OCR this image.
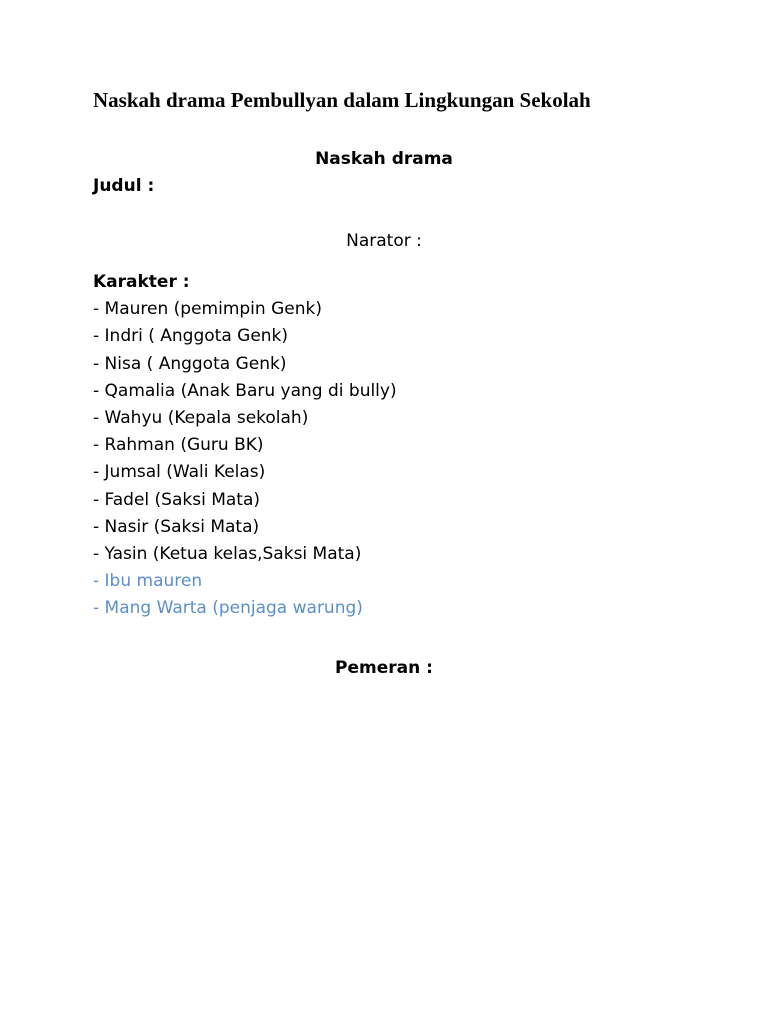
Naskah drama Pembullyan dalam Lingkungan Sekolah
Naskah drama
Judul :
Narator :
Karakter :
- Mauren (pemimpin Genk)
- Indri ( Anggota Genk)
- Nisa ( Anggota Genk)
- Qamalia (Anak Baru yang di bully)
- Wahyu (Kepala sekolah)
- Rahman (Guru BK)
- Jumsal (Wali Kelas)
- Fadel (Saksi Mata)
- Nasir (Saksi Mata)
- Yasin (Ketua kelas,Saksi Mata)
- Ibu mauren
- Mang Warta (penjaga warung)
Pemeran :
